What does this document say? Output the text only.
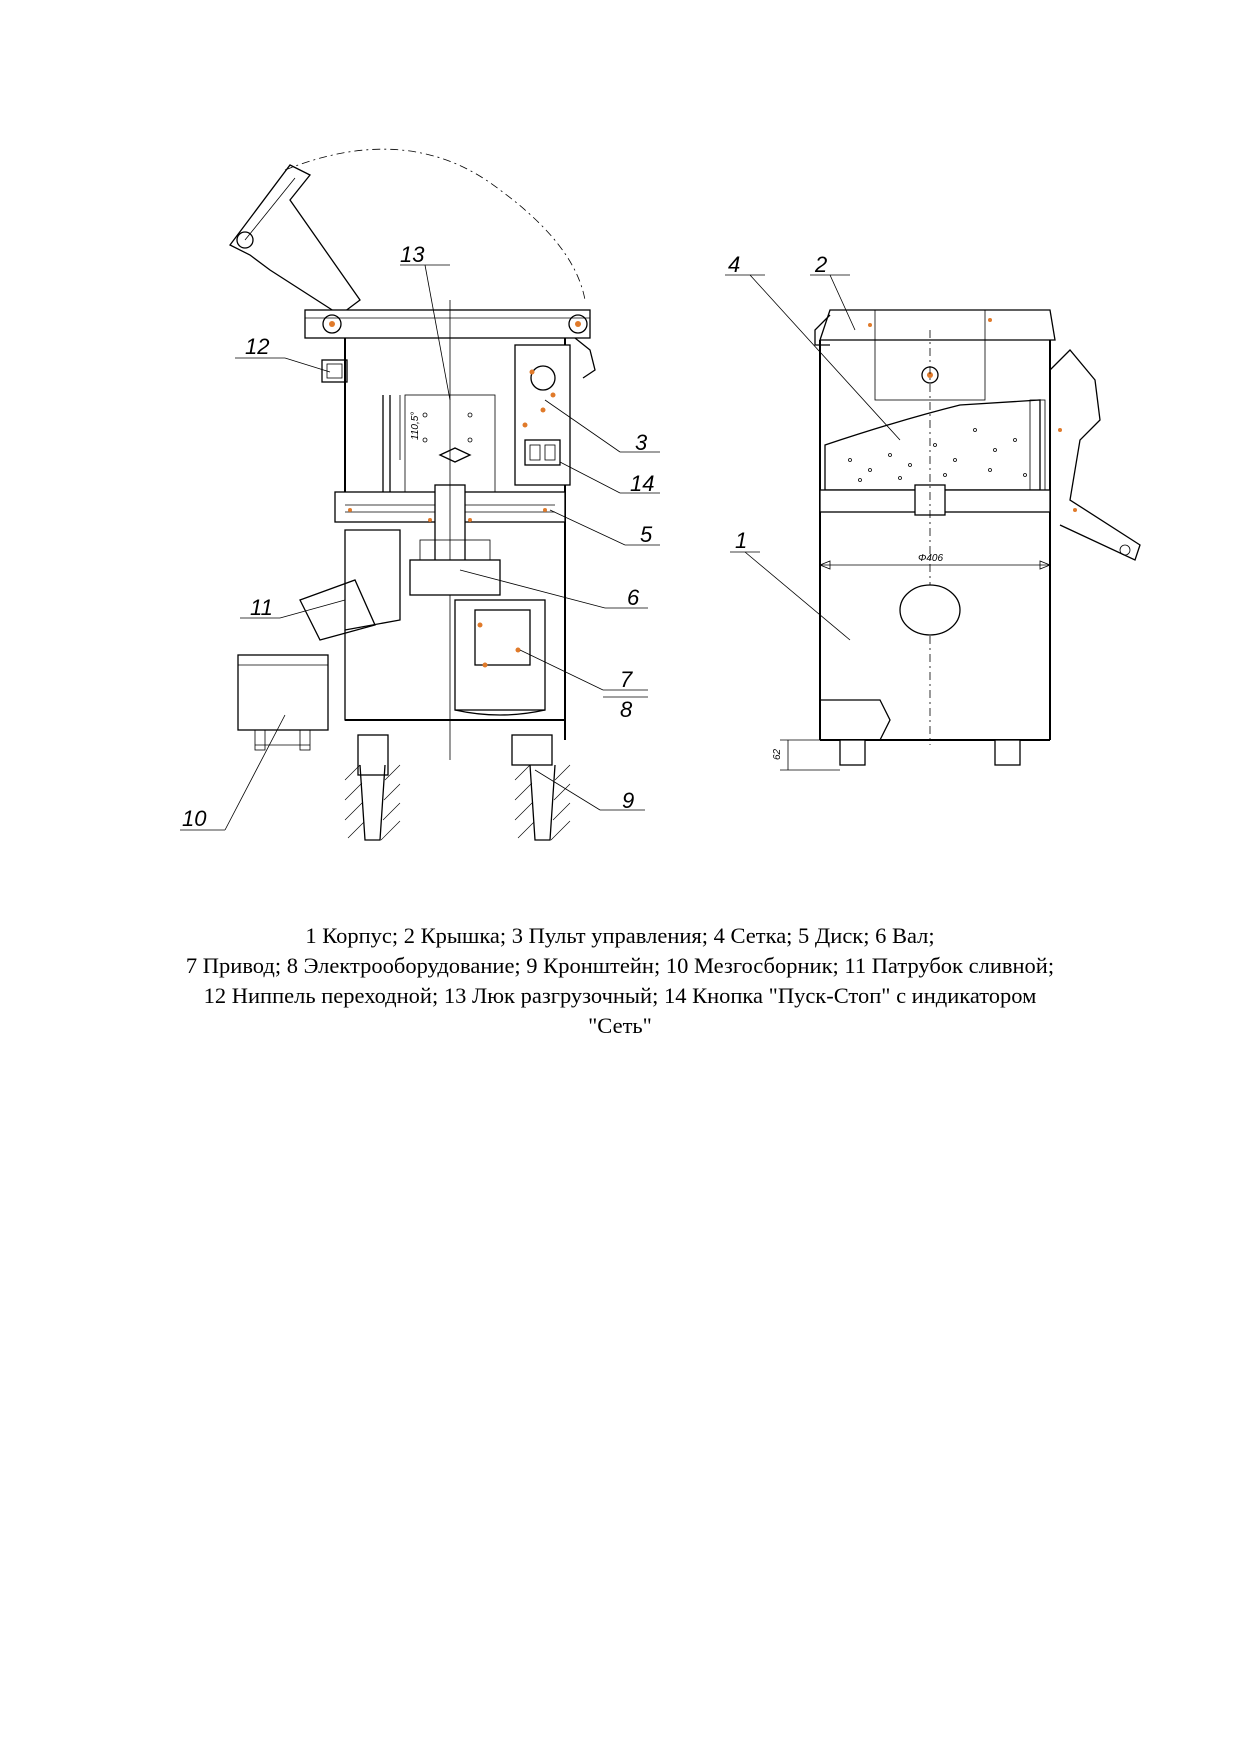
110,5°
13
12
3
14
5
6
11
7
8
10
9
Φ406
62
4	2
1
1 Корпус; 2 Крышка; 3 Пульт управления; 4 Сетка; 5 Диск; 6 Вал;
7 Привод; 8 Электрооборудование; 9 Кронштейн; 10 Мезгосборник; 11 Патрубок сливной;
12 Ниппель переходной; 13 Люк разгрузочный; 14 Кнопка "Пуск-Стоп" с индикатором
"Сеть"
